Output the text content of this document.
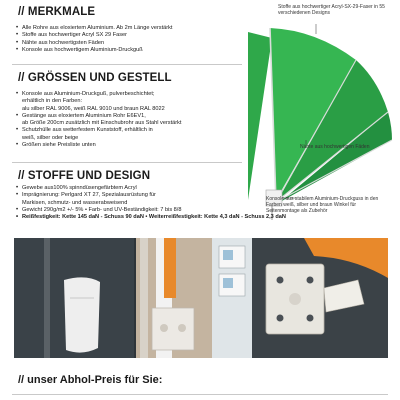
// MERKMALE
• Alle Rohre aus eloxiertem Aluminium. Ab 2m Länge verstärkt
• Stoffe aus hochwertiger Acryl SX 29 Faser
• Nähte aus hochwertigsten Fäden
• Konsole aus hochwertigem Aluminium-Druckguß
// GRÖSSEN UND GESTELL
• Konsole aus Aluminium-Druckguß, pulverbeschichtet;
erhältlich in den Farben:
alu silber RAL 9006, weiß RAL 9010 und braun RAL 8022
• Gestänge aus eloxiertem Aluminium Rohr E6EV1,
ab Größe 200cm zusätzlich mit Einschubrohr aus Stahl verstärkt
• Schutzhülle aus wetterfestem Kunststoff, erhältlich in
weiß, silber oder beige
• Größen siehe Preisliste unten
// STOFFE UND DESIGN
• Gewebe aus100% spinndüsengefärbtem Acryl
• Imprägnierung: Perlgard XT 27, Spezialausrüstung für
Markisen, schmutz- und wasserabweisend
• Gewicht 290g/m2 +/- 5% • Farb- und UV-Beständigkeit: 7 bis 8/8
• Reißfestigkeit: Kette 145 daN - Schuss 90 daN • Weiterreißfestigkeit: Kette 4,3 daN - Schuss 2,3 daN
Stoffe aus hochwertiger Acryl-SX-29-Faser in 55 verschiedenen Designs
Nähte aus hochwertigen Fäden
Konsole aus stabilem Aluminium-Druckguss in den Farben weiß, silber und braun Winkel für Seitenmontage als Zubehör
// unser Abhol-Preis für Sie:
